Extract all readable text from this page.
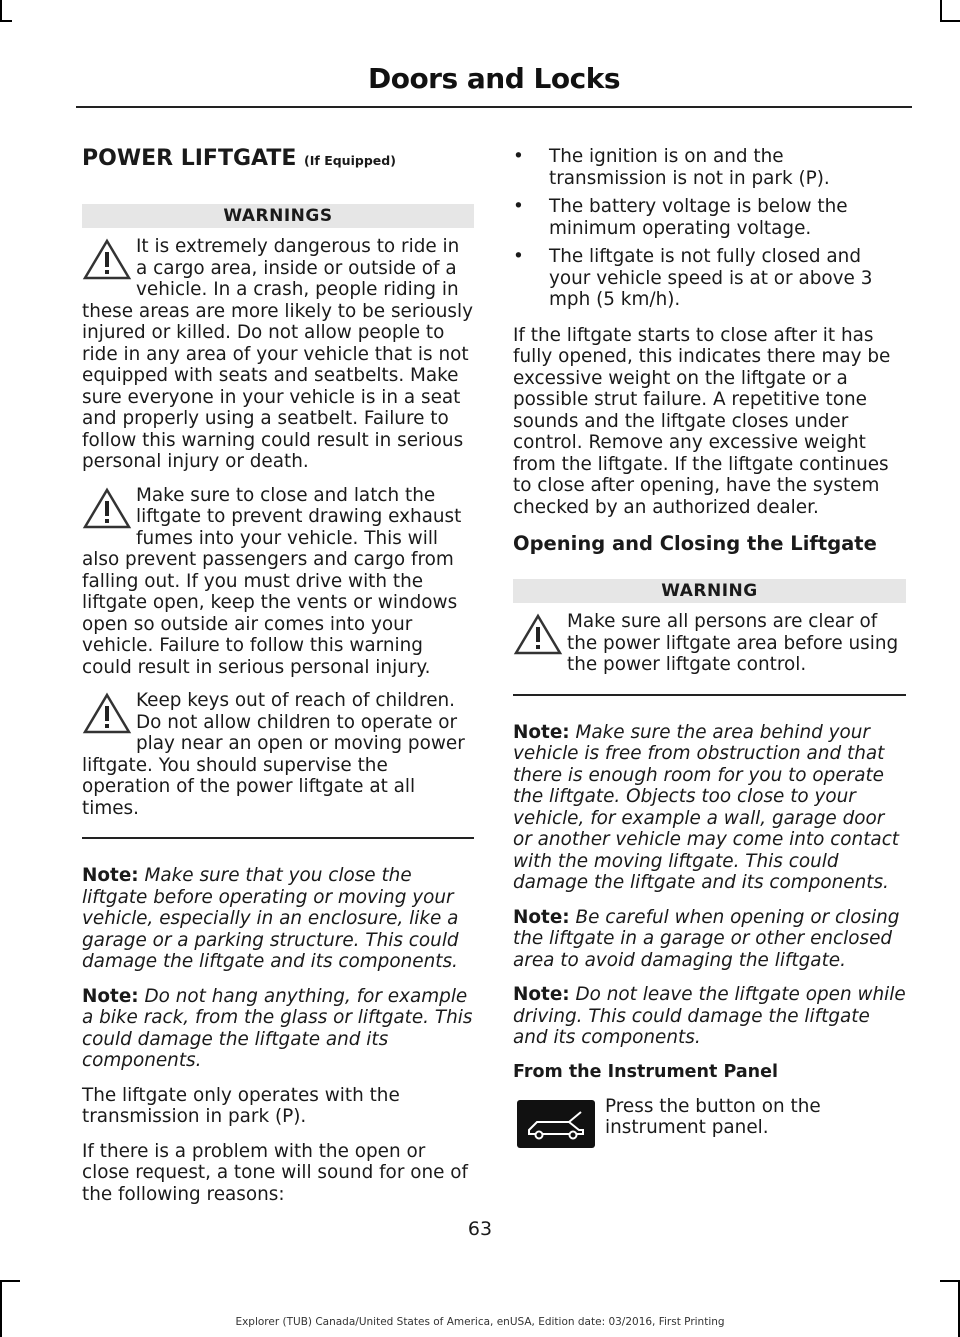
Doors and Locks
POWER LIFTGATE (If Equipped)
WARNINGS

It is extremely dangerous to ride in a cargo area, inside or outside of a vehicle. In a crash, people riding in these areas are more likely to be seriously injured or killed. Do not allow people to ride in any area of your vehicle that is not equipped with seats and seatbelts. Make sure everyone in your vehicle is in a seat and properly using a seatbelt. Failure to follow this warning could result in serious personal injury or death.

Make sure to close and latch the liftgate to prevent drawing exhaust fumes into your vehicle. This will also prevent passengers and cargo from falling out. If you must drive with the liftgate open, keep the vents or windows open so outside air comes into your vehicle. Failure to follow this warning could result in serious personal injury.

Keep keys out of reach of children. Do not allow children to operate or play near an open or moving power liftgate. You should supervise the operation of the power liftgate at all times.

Note: Make sure that you close the liftgate before operating or moving your vehicle, especially in an enclosure, like a garage or a parking structure. This could damage the liftgate and its components.

Note: Do not hang anything, for example a bike rack, from the glass or liftgate. This could damage the liftgate and its components.

The liftgate only operates with the transmission in park (P).

If there is a problem with the open or close request, a tone will sound for one of the following reasons:

• The ignition is on and the transmission is not in park (P).
• The battery voltage is below the minimum operating voltage.
• The liftgate is not fully closed and your vehicle speed is at or above 3 mph (5 km/h).

If the liftgate starts to close after it has fully opened, this indicates there may be excessive weight on the liftgate or a possible strut failure. A repetitive tone sounds and the liftgate closes under control. Remove any excessive weight from the liftgate. If the liftgate continues to close after opening, have the system checked by an authorized dealer.

Opening and Closing the Liftgate
WARNING

Make sure all persons are clear of the power liftgate area before using the power liftgate control.

Note: Make sure the area behind your vehicle is free from obstruction and that there is enough room for you to operate the liftgate. Objects too close to your vehicle, for example a wall, garage door or another vehicle may come into contact with the moving liftgate. This could damage the liftgate and its components.

Note: Be careful when opening or closing the liftgate in a garage or other enclosed area to avoid damaging the liftgate.

Note: Do not leave the liftgate open while driving. This could damage the liftgate and its components.

From the Instrument Panel

Press the button on the instrument panel.

63
Explorer (TUB) Canada/United States of America, enUSA, Edition date: 03/2016, First Printing
